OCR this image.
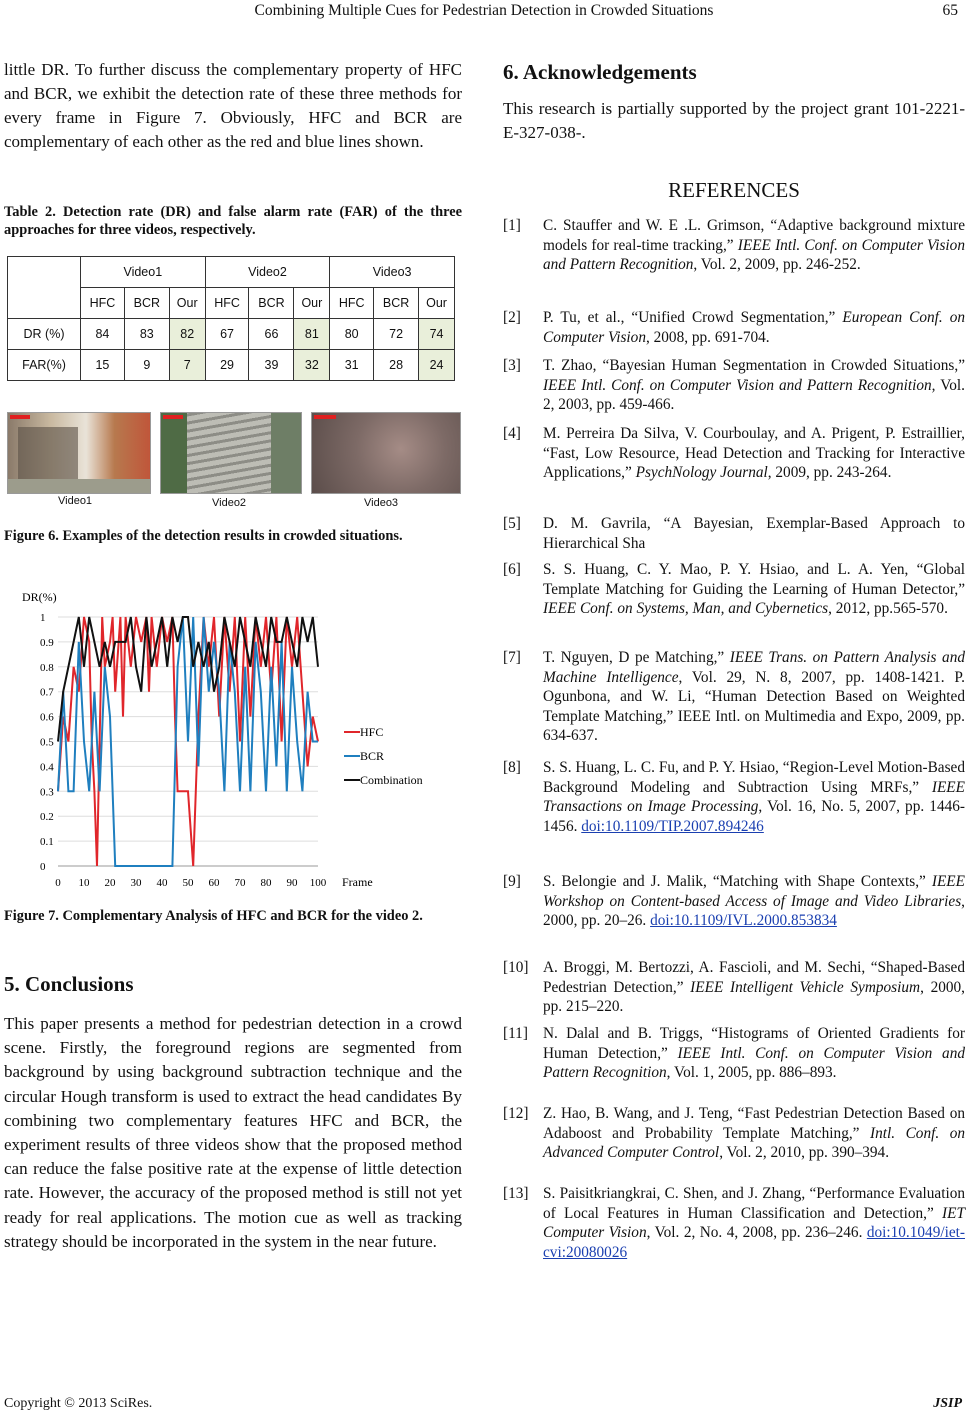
Combining Multiple Cues for Pedestrian Detection in Crowded Situations	65
little DR. To further discuss the complementary property of HFC and BCR, we exhibit the detection rate of these three methods for every frame in Figure 7. Obviously, HFC and BCR are complementary of each other as the red and blue lines shown.
Table 2. Detection rate (DR) and false alarm rate (FAR) of the three approaches for three videos, respectively.
	Video1			Video2			Video3		
	HFC	BCR	Our	HFC	BCR	Our	HFC	BCR	Our
DR (%)	84	83	82	67	66	81	80	72	74
FAR(%)	15	9	7	29	39	32	31	28	24
Video1	Video2	Video3
Figure 6. Examples of the detection results in crowded situations.
DR(%)
0
0.1
0.2
0.3
0.4
0.5
0.6
0.7
0.8
0.9
1
0 10 20 30 40 50 60 70 80 90 100
HFC
BCR
Combination
Frame
Figure 7. Complementary Analysis of HFC and BCR for the video 2.
5. Conclusions
This paper presents a method for pedestrian detection in a crowd scene. Firstly, the foreground regions are segmented from background by using background subtraction technique and the circular Hough transform is used to extract the head candidates By combining two complementary features HFC and BCR, the experiment results of three videos show that the proposed method can reduce the false positive rate at the expense of little detection rate. However, the accuracy of the proposed method is still not yet ready for real applications. The motion cue as well as tracking strategy should be incorporated in the system in the near future.
6. Acknowledgements
This research is partially supported by the project grant 101-2221-E-327-038-.
REFERENCES
[1] C. Stauffer and W. E .L. Grimson, “Adaptive background mixture models for real-time tracking,” IEEE Intl. Conf. on Computer Vision and Pattern Recognition, Vol. 2, 2009, pp. 246-252.
[2] P. Tu, et al., “Unified Crowd Segmentation,” European Conf. on Computer Vision, 2008, pp. 691-704.
[3] T. Zhao, “Bayesian Human Segmentation in Crowded Situations,” IEEE Intl. Conf. on Computer Vision and Pattern Recognition, Vol. 2, 2003, pp. 459-466.
[4] M. Perreira Da Silva, V. Courboulay, and A. Prigent, P. Estraillier, “Fast, Low Resource, Head Detection and Tracking for Interactive Applications,” PsychNology Journal, 2009, pp. 243-264.
[5] D. M. Gavrila, “A Bayesian, Exemplar-Based Approach to Hierarchical Sha
[6] S. S. Huang, C. Y. Mao, P. Y. Hsiao, and L. A. Yen, “Global Template Matching for Guiding the Learning of Human Detector,” IEEE Conf. on Systems, Man, and Cybernetics, 2012, pp.565-570.
[7] T. Nguyen, D pe Matching,” IEEE Trans. on Pattern Analysis and Machine Intelligence, Vol. 29, N. 8, 2007, pp. 1408-1421. P. Ogunbona, and W. Li, “Human Detection Based on Weighted Template Matching,” IEEE Intl. on Multimedia and Expo, 2009, pp. 634-637.
[8] S. S. Huang, L. C. Fu, and P. Y. Hsiao, “Region-Level Motion-Based Background Modeling and Subtraction Using MRFs,” IEEE Transactions on Image Processing, Vol. 16, No. 5, 2007, pp. 1446-1456. doi:10.1109/TIP.2007.894246
[9] S. Belongie and J. Malik, “Matching with Shape Contexts,” IEEE Workshop on Content-based Access of Image and Video Libraries, 2000, pp. 20–26. doi:10.1109/IVL.2000.853834
[10] A. Broggi, M. Bertozzi, A. Fascioli, and M. Sechi, “Shaped-Based Pedestrian Detection,” IEEE Intelligent Vehicle Symposium, 2000, pp. 215–220.
[11] N. Dalal and B. Triggs, “Histograms of Oriented Gradients for Human Detection,” IEEE Intl. Conf. on Computer Vision and Pattern Recognition, Vol. 1, 2005, pp. 886–893.
[12] Z. Hao, B. Wang, and J. Teng, “Fast Pedestrian Detection Based on Adaboost and Probability Template Matching,” Intl. Conf. on Advanced Computer Control, Vol. 2, 2010, pp. 390–394.
[13] S. Paisitkriangkrai, C. Shen, and J. Zhang, “Performance Evaluation of Local Features in Human Classification and Detection,” IET Computer Vision, Vol. 2, No. 4, 2008, pp. 236–246. doi:10.1049/iet-cvi:20080026
Copyright © 2013 SciRes.	JSIP
